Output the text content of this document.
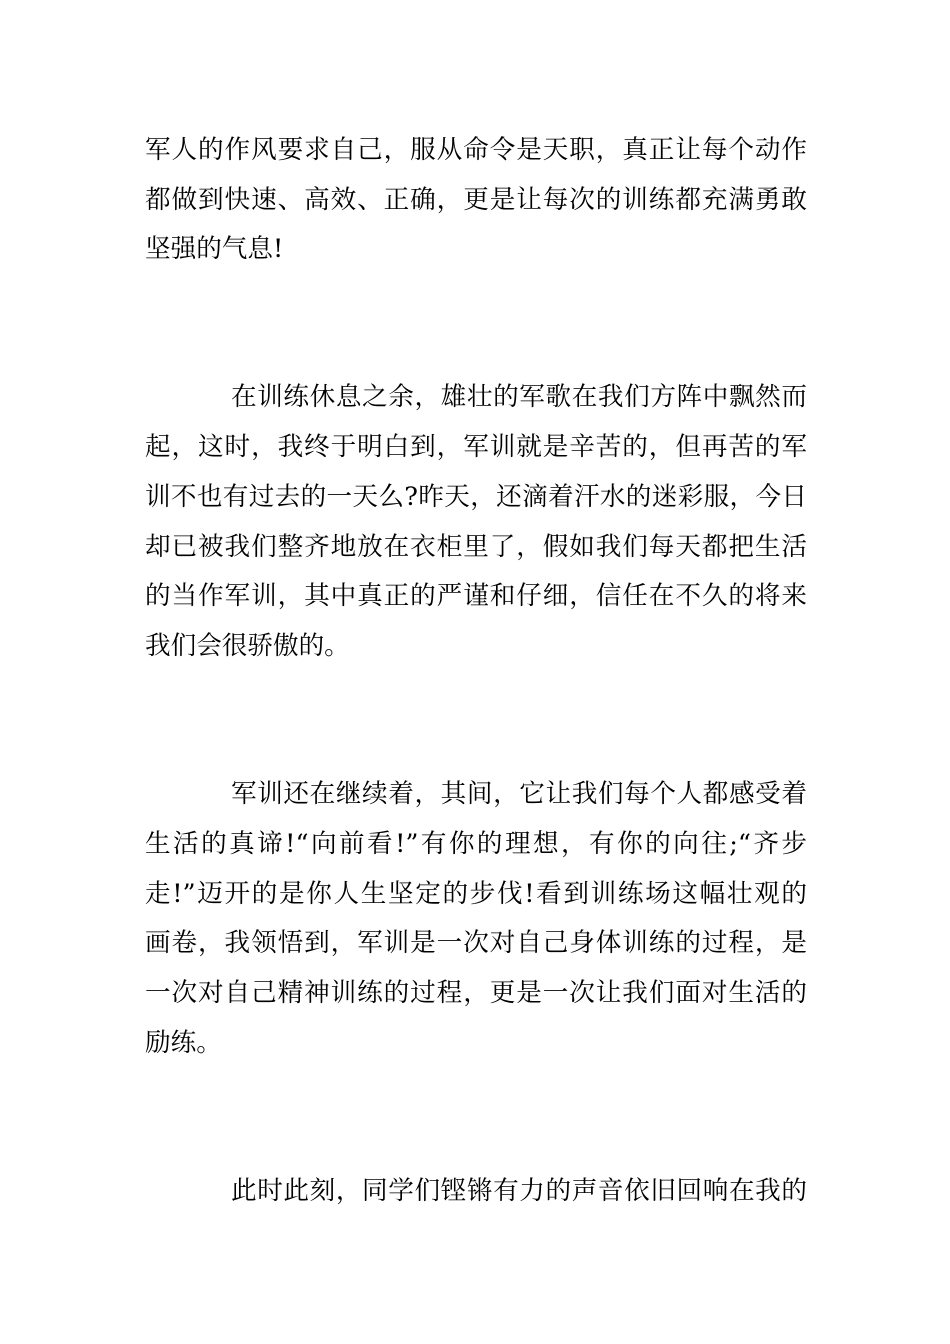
军人的作风要求自己，服从命令是天职，真正让每个动作
都做到快速、高效、正确，更是让每次的训练都充满勇敢
坚强的气息!
在训练休息之余，雄壮的军歌在我们方阵中飘然而
起，这时，我终于明白到，军训就是辛苦的，但再苦的军
训不也有过去的一天么?昨天，还滴着汗水的迷彩服，今日
却已被我们整齐地放在衣柜里了，假如我们每天都把生活
的当作军训，其中真正的严谨和仔细，信任在不久的将来
我们会很骄傲的。
军训还在继续着，其间，它让我们每个人都感受着
生活的真谛!“向前看!”有你的理想，有你的向往;“齐步
走!”迈开的是你人生坚定的步伐!看到训练场这幅壮观的
画卷，我领悟到，军训是一次对自己身体训练的过程，是
一次对自己精神训练的过程，更是一次让我们面对生活的
励练。
此时此刻，同学们铿锵有力的声音依旧回响在我的
